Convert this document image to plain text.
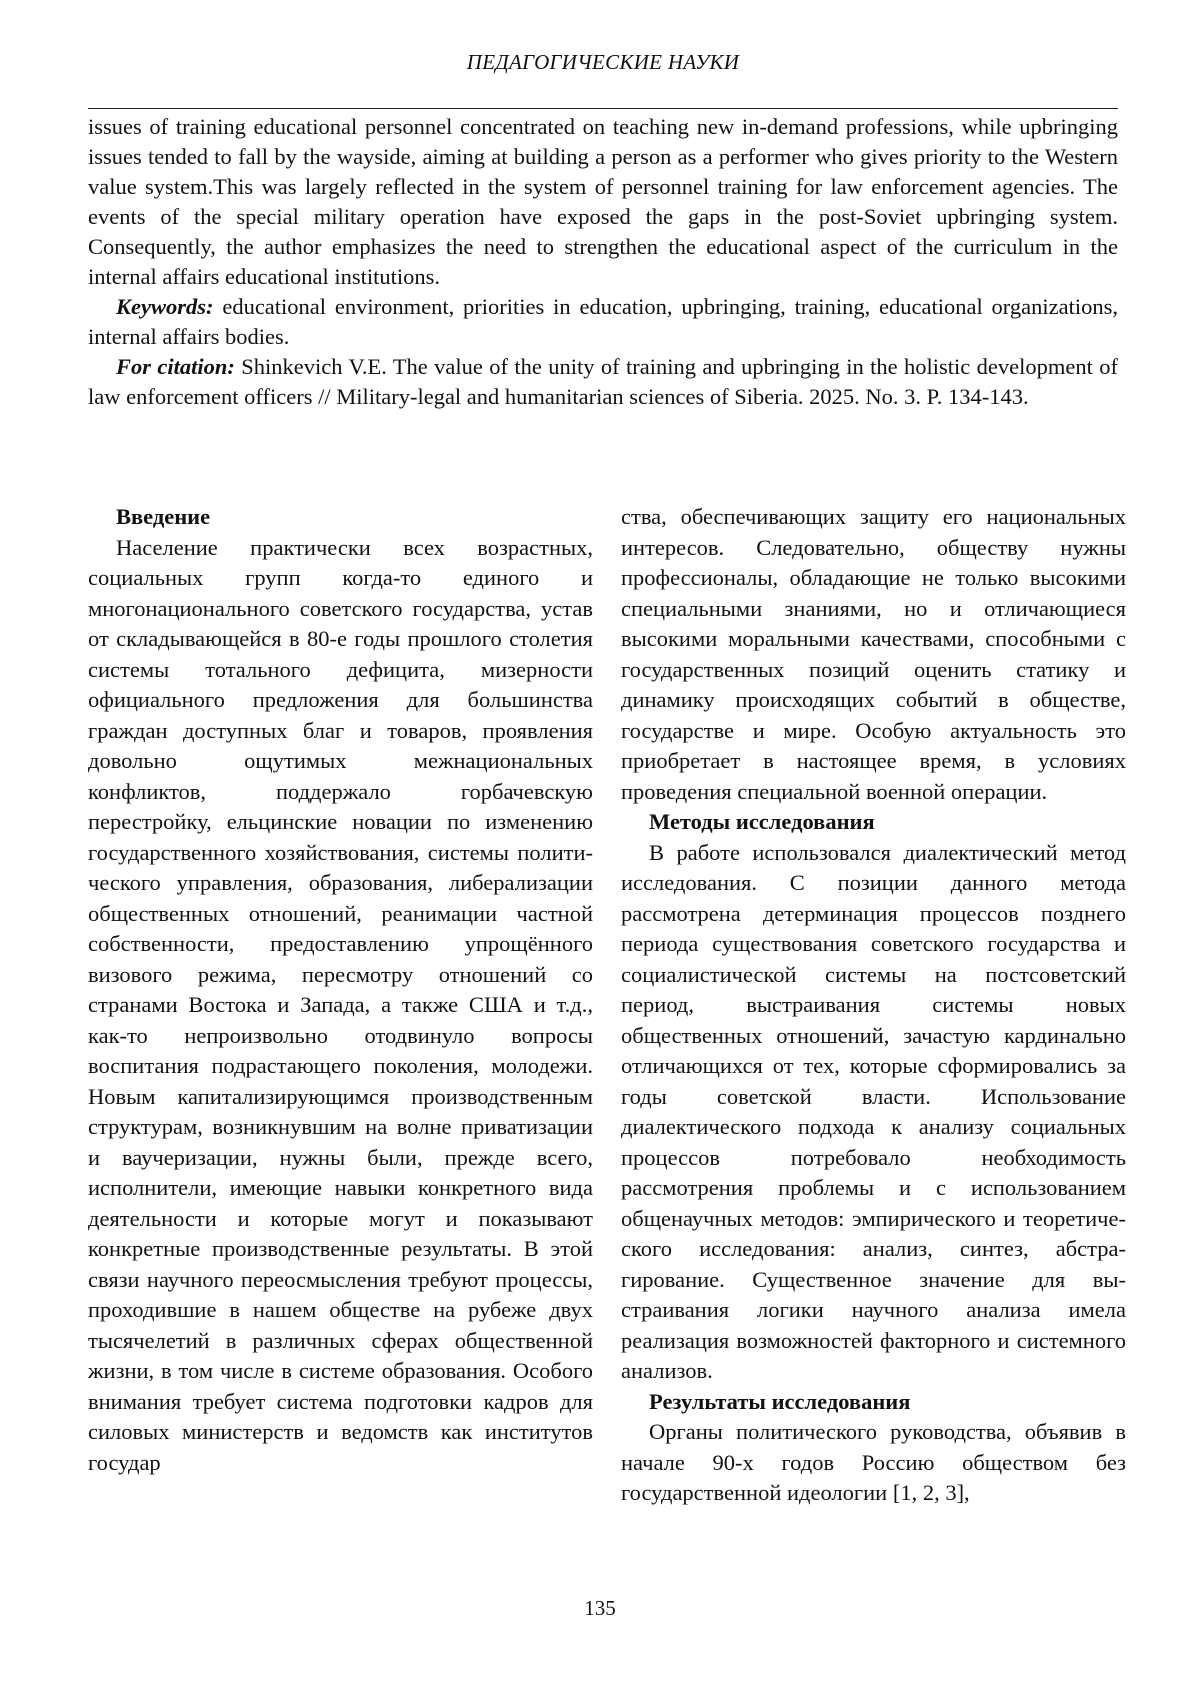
ПЕДАГОГИЧЕСКИЕ НАУКИ

issues of training educational personnel concentrated on teaching new in-demand professions, while upbringing issues tended to fall by the wayside, aiming at building a person as a performer who gives priority to the Western value system.This was largely reflected in the system of personnel training for law enforcement agencies. The events of the special military operation have exposed the gaps in the post-Soviet upbringing system. Consequently, the author emphasizes the need to strengthen the educational aspect of the curriculum in the internal affairs educational institutions.

Keywords: educational environment, priorities in education, upbringing, training, educational organizations, internal affairs bodies.

For citation: Shinkevich V.E. The value of the unity of training and upbringing in the holistic development of law enforcement officers // Military-legal and humanitarian sciences of Siberia. 2025. No. 3. P. 134-143.

Введение

Население практически всех возрастных, социальных групп когда-то единого и многонационального советского государства, устав от складывающейся в 80-е годы прошлого столетия системы тотального дефицита, мизерности официального предложения для большинства граждан доступных благ и товаров, проявления довольно ощутимых межнациональных конфликтов, поддержало горбачевскую перестройку, ельцинские новации по изменению государственного хозяйствования, системы политического управления, образования, либерализации общественных отношений, реанимации частной собственности, предоставлению упрощённого визового режима, пересмотру отношений со странами Востока и Запада, а также США и т.д., как-то непроизвольно отодвинуло вопросы воспитания подрастающего поколения, молодежи. Новым капитализирующимся производственным структурам, возникнувшим на волне приватизации и ваучеризации, нужны были, прежде всего, исполнители, имеющие навыки конкретного вида деятельности и которые могут и показывают конкретные производственные результаты. В этой связи научного переосмысления требуют процессы, проходившие в нашем обществе на рубеже двух тысячелетий в различных сферах общественной жизни, в том числе в системе образования. Особого внимания требует система подготовки кадров для силовых министерств и ведомств как институтов государ

ства, обеспечивающих защиту его национальных интересов. Следовательно, обществу нужны профессионалы, обладающие не только высокими специальными знаниями, но и отличающиеся высокими моральными качествами, способными с государственных позиций оценить статику и динамику происходящих событий в обществе, государстве и мире. Особую актуальность это приобретает в настоящее время, в условиях проведения специальной военной операции.

Методы исследования

В работе использовался диалектический метод исследования. С позиции данного метода рассмотрена детерминация процессов позднего периода существования советского государства и социалистической системы на постсоветский период, выстраивания системы новых общественных отношений, зачастую кардинально отличающихся от тех, которые сформировались за годы советской власти. Использование диалектического подхода к анализу социальных процессов потребовало необходимость рассмотрения проблемы и с использованием общенаучных методов: эмпирического и теоретического исследования: анализ, синтез, абстрагирование. Существенное значение для выстраивания логики научного анализа имела реализация возможностей факторного и системного анализов.

Результаты исследования

Органы политического руководства, объявив в начале 90-х годов Россию обществом без государственной идеологии [1, 2, 3],

135
